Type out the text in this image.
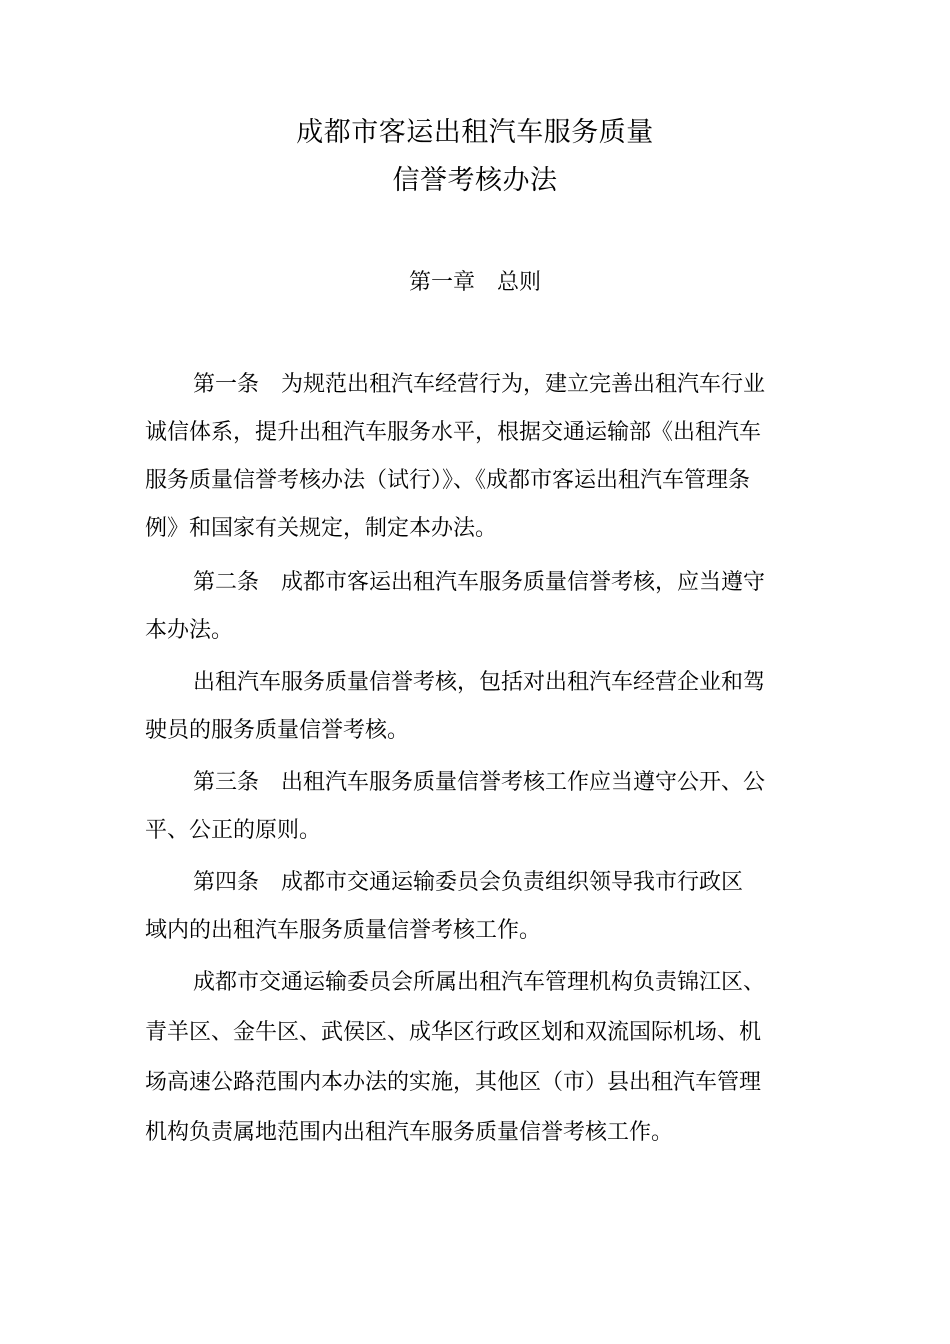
成都市客运出租汽车服务质量
信誉考核办法
第一章 总则

第一条　为规范出租汽车经营行为，建立完善出租汽车行业

诚信体系，提升出租汽车服务水平，根据交通运输部《出租汽车

服务质量信誉考核办法（试行）》、《成都市客运出租汽车管理条

例》和国家有关规定，制定本办法。

第二条　成都市客运出租汽车服务质量信誉考核，应当遵守

本办法。

出租汽车服务质量信誉考核，包括对出租汽车经营企业和驾

驶员的服务质量信誉考核。

第三条　出租汽车服务质量信誉考核工作应当遵守公开、公

平、公正的原则。

第四条　成都市交通运输委员会负责组织领导我市行政区

域内的出租汽车服务质量信誉考核工作。

成都市交通运输委员会所属出租汽车管理机构负责锦江区、

青羊区、金牛区、武侯区、成华区行政区划和双流国际机场、机

场高速公路范围内本办法的实施，其他区（市）县出租汽车管理

机构负责属地范围内出租汽车服务质量信誉考核工作。
